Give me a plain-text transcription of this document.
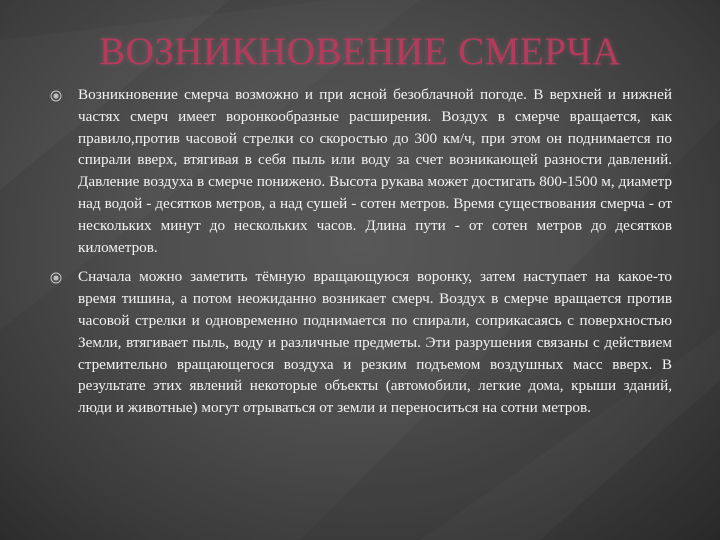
ВОЗНИКНОВЕНИЕ СМЕРЧА

Возникновение смерча возможно и при ясной безоблачной погоде. В верхней и нижней частях смерч имеет воронкообразные расширения. Воздух в смерче вращается, как правило,против часовой стрелки со скоростью до 300 км/ч, при этом он поднимается по спирали вверх, втягивая в себя пыль или воду за счет возникающей разности давлений. Давление воздуха в смерче понижено. Высота рукава может достигать 800-1500 м, диаметр над водой - десятков метров, а над сушей - сотен метров. Время существования смерча - от нескольких минут до нескольких часов. Длина пути - от сотен метров до десятков километров.

Сначала можно заметить тёмную вращающуюся воронку, затем наступает на какое-то время тишина, а потом неожиданно возникает смерч. Воздух в смерче вращается против часовой стрелки и одновременно поднимается по спирали, соприкасаясь с поверхностью Земли, втягивает пыль, воду и различные предметы. Эти разрушения связаны с действием стремительно вращающегося воздуха и резким подъемом воздушных масс вверх. В результате этих явлений некоторые объекты (автомобили, легкие дома, крыши зданий, люди и животные) могут отрываться от земли и переноситься на сотни метров.
